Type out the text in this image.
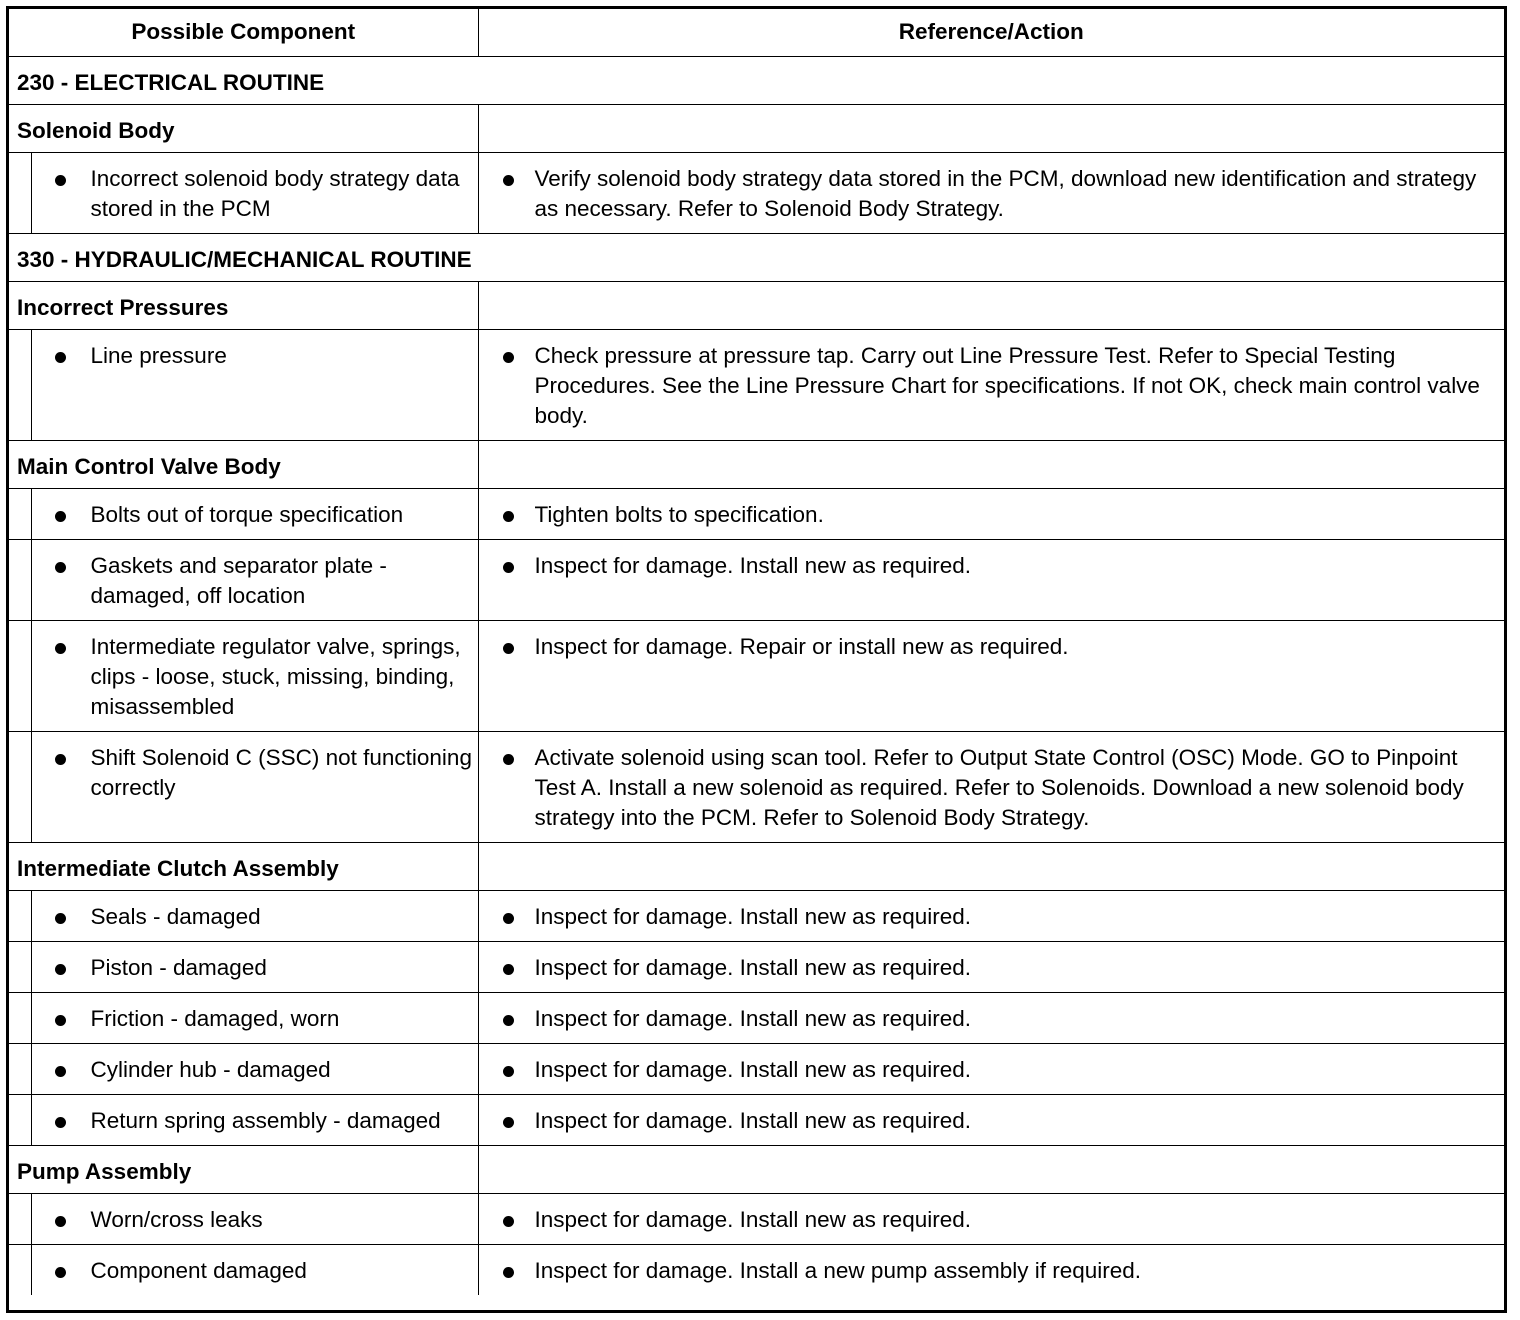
Possible Component		Reference/Action
230 - ELECTRICAL ROUTINE		
Solenoid Body		

	Incorrect solenoid body strategy data stored in the PCM	Verify solenoid body strategy data stored in the PCM, download new identification and strategy as necessary. Refer to Solenoid Body Strategy.

330 - HYDRAULIC/MECHANICAL ROUTINE		
Incorrect Pressures		

	Line pressure	Check pressure at pressure tap. Carry out Line Pressure Test. Refer to Special Testing Procedures. See the Line Pressure Chart for specifications. If not OK, check main control valve body.

Main Control Valve Body		

	Bolts out of torque specification	Tighten bolts to specification.

	Gaskets and separator plate - damaged, off location	Inspect for damage. Install new as required.

	Intermediate regulator valve, springs, clips - loose, stuck, missing, binding, misassembled	Inspect for damage. Repair or install new as required.

	Shift Solenoid C (SSC) not functioning correctly	Activate solenoid using scan tool. Refer to Output State Control (OSC) Mode. GO to Pinpoint Test A. Install a new solenoid as required. Refer to Solenoids. Download a new solenoid body strategy into the PCM. Refer to Solenoid Body Strategy.

Intermediate Clutch Assembly		

	Seals - damaged	Inspect for damage. Install new as required.

	Piston - damaged	Inspect for damage. Install new as required.

	Friction - damaged, worn	Inspect for damage. Install new as required.

	Cylinder hub - damaged	Inspect for damage. Install new as required.

	Return spring assembly - damaged	Inspect for damage. Install new as required.

Pump Assembly		

	Worn/cross leaks	Inspect for damage. Install new as required.

	Component damaged	Inspect for damage. Install a new pump assembly if required.
